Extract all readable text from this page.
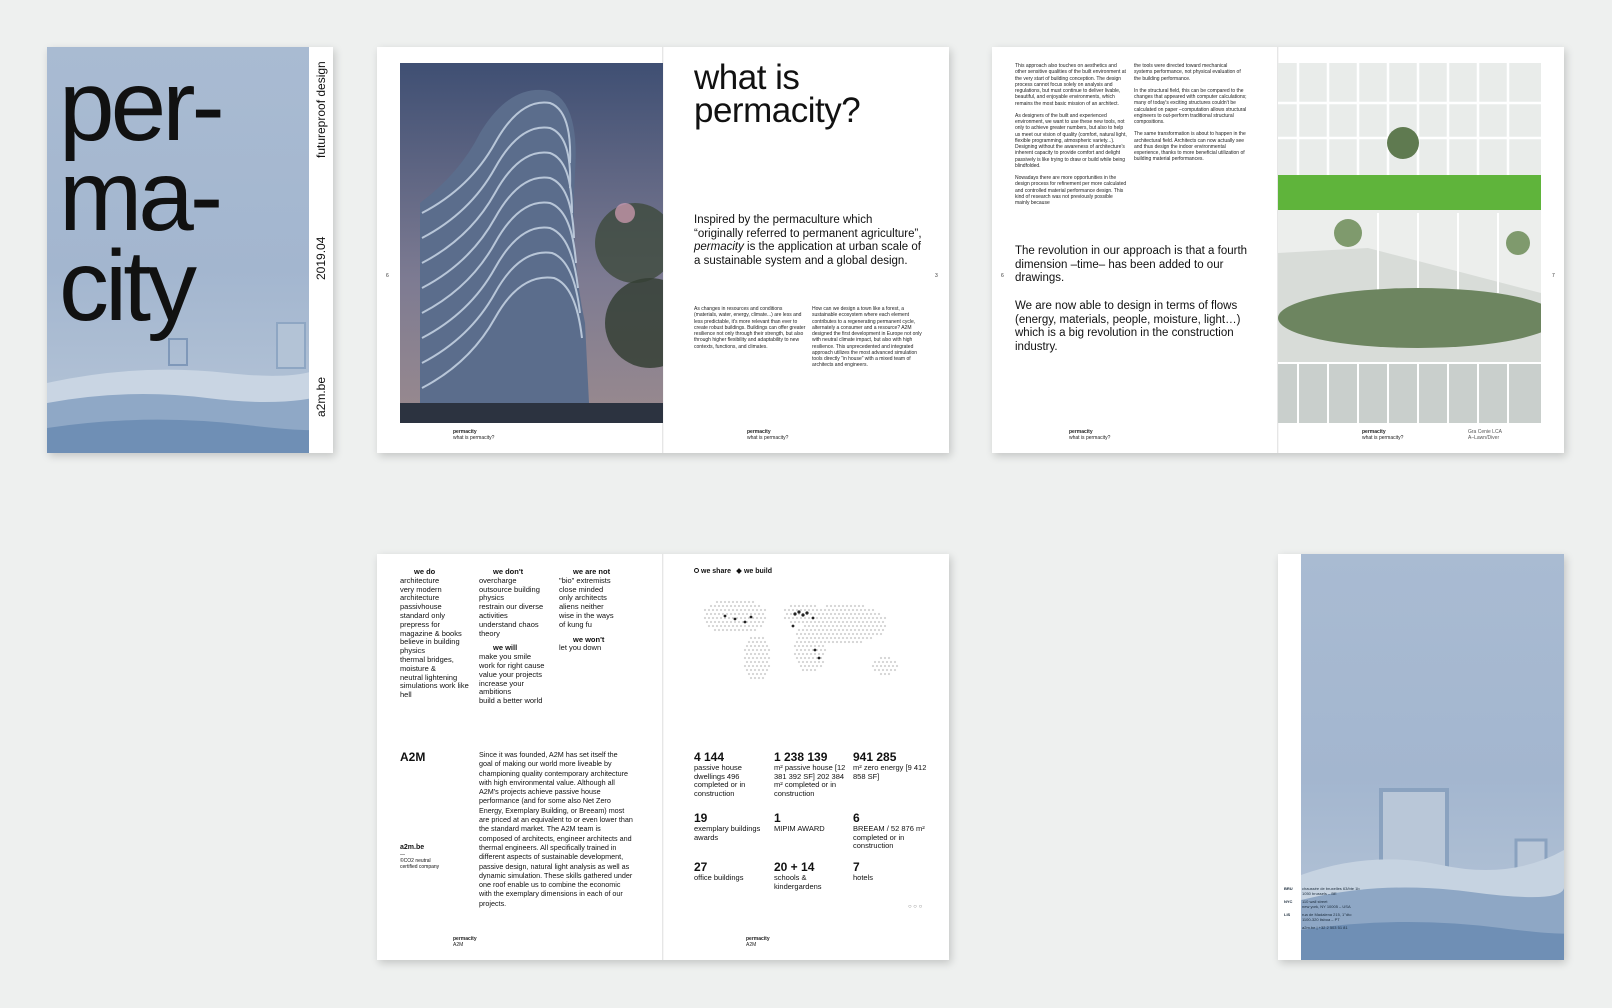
per-
ma-
city
futureproof design
2019.04
a2m.be
6
permacity
what is permacity?
what is
permacity?
Inspired by the permaculture which “originally referred to permanent agriculture”, permacity is the application at urban scale of a sustainable system and a global design.
As changes in resources and conditions (materials, water, energy, climate...) are less and less predictable, it's more relevant than ever to create robust buildings. Buildings can offer greater resilience not only through their strength, but also through higher flexibility and adaptability to new contexts, functions, and climates.
How can we design a town like a forest, a sustainable ecosystem where each element contributes to a regenerating permanent cycle, alternately a consumer and a resource? A2M designed the first development in Europe not only with neutral climate impact, but also with high resilience. This unprecedented and integrated approach utilizes the most advanced simulation tools directly “in house” with a mixed team of architects and engineers.
3
permacity
what is permacity?
This approach also touches on aesthetics and other sensitive qualities of the built environment at the very start of building conception. The design process cannot focus solely on analysis and regulations, but must continue to deliver livable, beautiful, and enjoyable environments, which remains the most basic mission of an architect.
As designers of the built and experienced environment, we want to use these new tools, not only to achieve greater numbers, but also to help us meet our vision of quality (comfort, natural light, flexible programming, atmospheric variety...). Designing without the awareness of architecture's inherent capacity to provide comfort and delight passively is like trying to draw or build while being blindfolded.
Nowadays there are more opportunities in the design process for refinement per more calculated and controlled material performance design. This kind of research was not previously possible mainly because
the tools were directed toward mechanical systems performance, not physical evaluation of the building performance.
In the structural field, this can be compared to the changes that appeared with computer calculations; many of today's exciting structures couldn't be calculated on paper –computation allows structural engineers to out-perform traditional structural compositions.
The same transformation is about to happen in the architectural field. Architects can now actually see and thus design the indoor environmental experience, thanks to more beneficial utilization of building material performances.
The revolution in our approach is that a fourth dimension –time– has been added to our drawings.
We are now able to design in terms of flows (energy, materials, people, moisture, light…) which is a big revolution in the construction industry.
6
permacity
what is permacity?
7
permacity
what is permacity?
Gra Cenie LCA
A–Lawn/Diver
we do
architecture
very modern
architecture
passivhouse
standard only
prepress for
magazine & books
believe in building
physics
thermal bridges,
moisture &
neutral lightening
simulations work like
hell
we don't
overcharge
outsource building
physics
restrain our diverse
activities
understand chaos
theory
we will
make you smile
work for right cause
value your projects
increase your
ambitions
build a better world
we are not
"bio" extremists
close minded
only architects
aliens neither
wise in the ways
of kung fu
we won't
let you down
A2M
a2m.be
—
©CO2 neutral
certified company
Since it was founded, A2M has set itself the goal of making our world more liveable by championing quality contemporary architecture with high environmental value. Although all A2M's projects achieve passive house performance (and for some also Net Zero Energy, Exemplary Building, or Breeam) most are priced at an equivalent to or even lower than the standard market. The A2M team is composed of architects, engineer architects and thermal engineers. All specifically trained in different aspects of sustainable development, passive design, natural light analysis as well as dynamic simulation. These skills gathered under one roof enable us to combine the economic with the exemplary dimensions in each of our projects.
permacity
A2M
we share	we build
4 144
passive house dwellings 496 completed or in construction
1 238 139
m² passive house [12 381 392 SF] 202 384 m² completed or in construction
941 285
m² zero energy [9 412 858 SF]
19
exemplary buildings awards
1
MIPIM AWARD
6
BREEAM / 52 876 m² completed or in construction
27
office buildings
20 + 14
schools & kindergardens
7
hotels
○ ○ ○
permacity
A2M
BRU	chaussée de bruxelles 63/bte 1b
1050 brussels – BE
NYC	110 wall street
new york, NY 10005 – USA
LIS	rua de Madalena 215, 1°dto
1100-320 lisboa – PT
a2m.be | +32 2 503 51 81
